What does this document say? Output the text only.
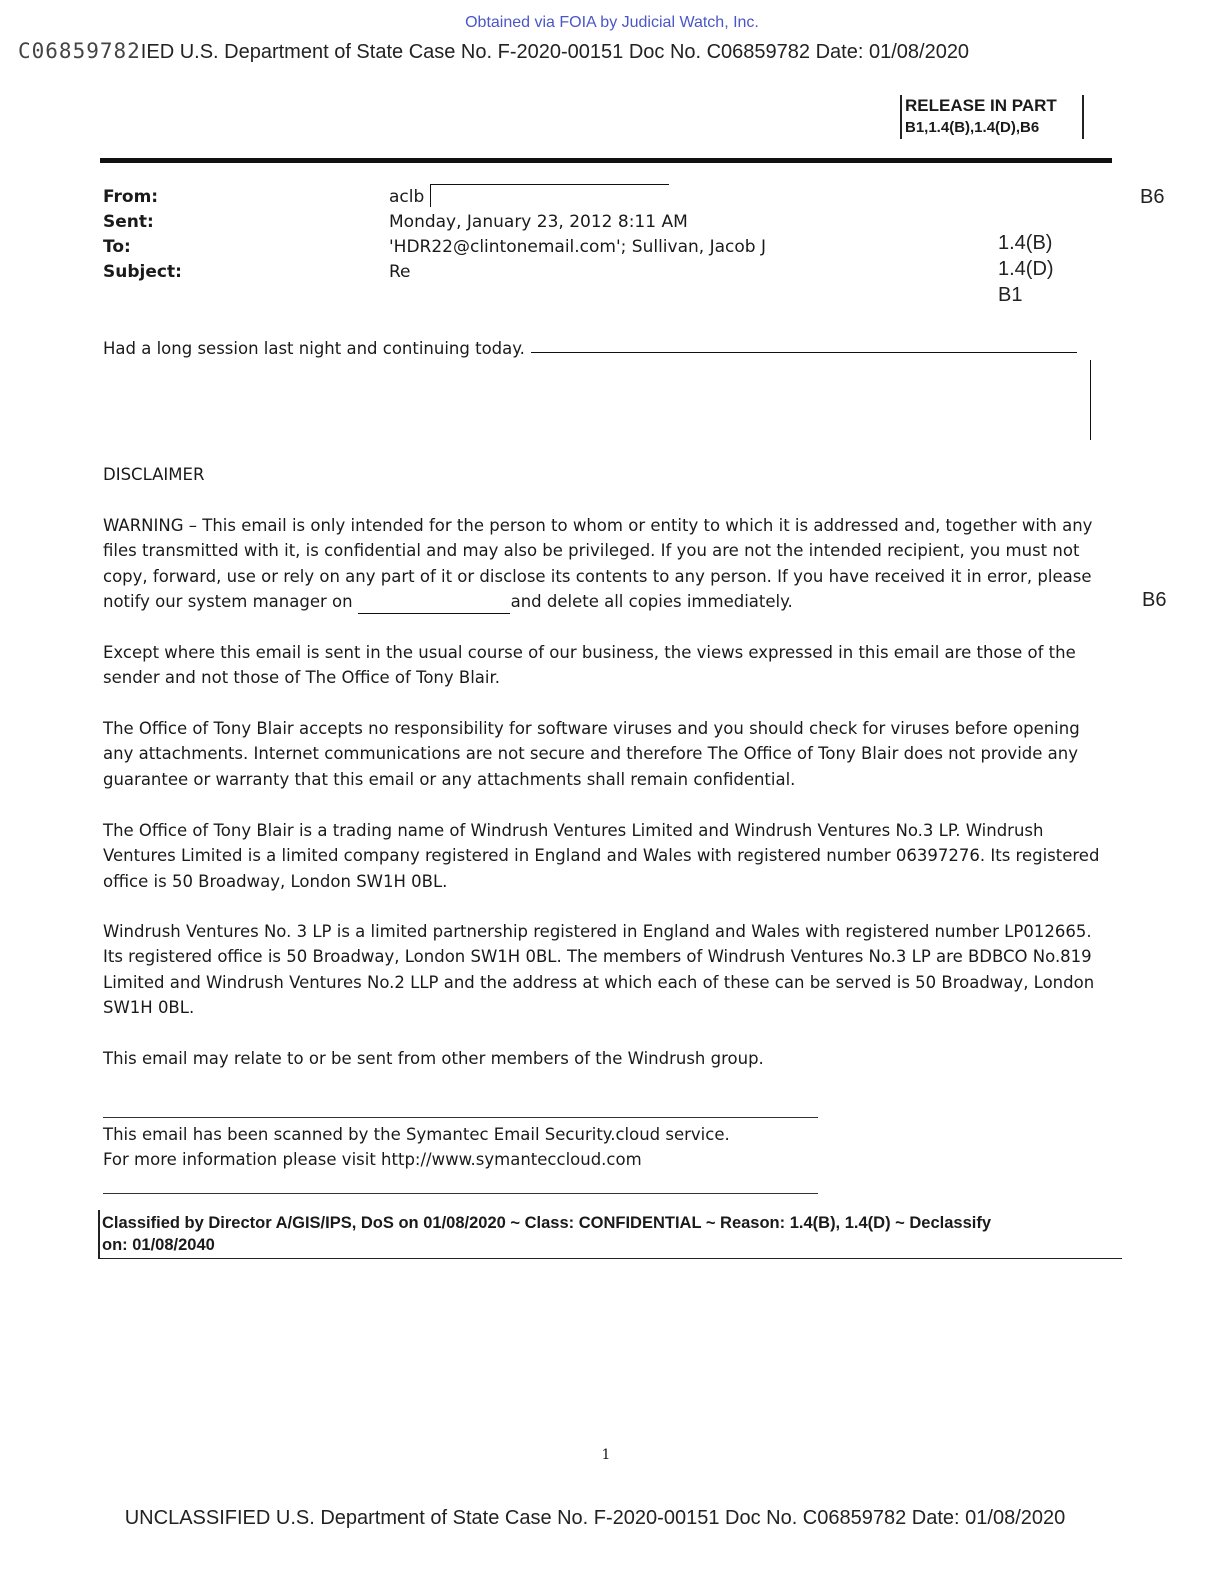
Obtained via FOIA by Judicial Watch, Inc.
C06859782IED U.S. Department of State Case No. F-2020-00151 Doc No. C06859782 Date: 01/08/2020
RELEASE IN PART
B1,1.4(B),1.4(D),B6
From:	aclb
Sent:	Monday, January 23, 2012 8:11 AM
To:	'HDR22@clintonemail.com'; Sullivan, Jacob J
Subject:	Re
B6
1.4(B)
1.4(D)
B1
B6
Had a long session last night and continuing today.
DISCLAIMER
WARNING – This email is only intended for the person to whom or entity to which it is addressed and, together with any
files transmitted with it, is confidential and may also be privileged. If you are not the intended recipient, you must not
copy, forward, use or rely on any part of it or disclose its contents to any person. If you have received it in error, please
notify our system manager on	and delete all copies immediately.
Except where this email is sent in the usual course of our business, the views expressed in this email are those of the
sender and not those of The Office of Tony Blair.
The Office of Tony Blair accepts no responsibility for software viruses and you should check for viruses before opening
any attachments. Internet communications are not secure and therefore The Office of Tony Blair does not provide any
guarantee or warranty that this email or any attachments shall remain confidential.
The Office of Tony Blair is a trading name of Windrush Ventures Limited and Windrush Ventures No.3 LP. Windrush
Ventures Limited is a limited company registered in England and Wales with registered number 06397276. Its registered
office is 50 Broadway, London SW1H 0BL.
Windrush Ventures No. 3 LP is a limited partnership registered in England and Wales with registered number LP012665.
Its registered office is 50 Broadway, London SW1H 0BL. The members of Windrush Ventures No.3 LP are BDBCO No.819
Limited and Windrush Ventures No.2 LLP and the address at which each of these can be served is 50 Broadway, London
SW1H 0BL.
This email may relate to or be sent from other members of the Windrush group.
This email has been scanned by the Symantec Email Security.cloud service.
For more information please visit http://www.symanteccloud.com
Classified by Director A/GIS/IPS, DoS on 01/08/2020 ~ Class: CONFIDENTIAL ~ Reason: 1.4(B), 1.4(D) ~ Declassify
on: 01/08/2040
1
UNCLASSIFIED U.S. Department of State Case No. F-2020-00151 Doc No. C06859782 Date: 01/08/2020
